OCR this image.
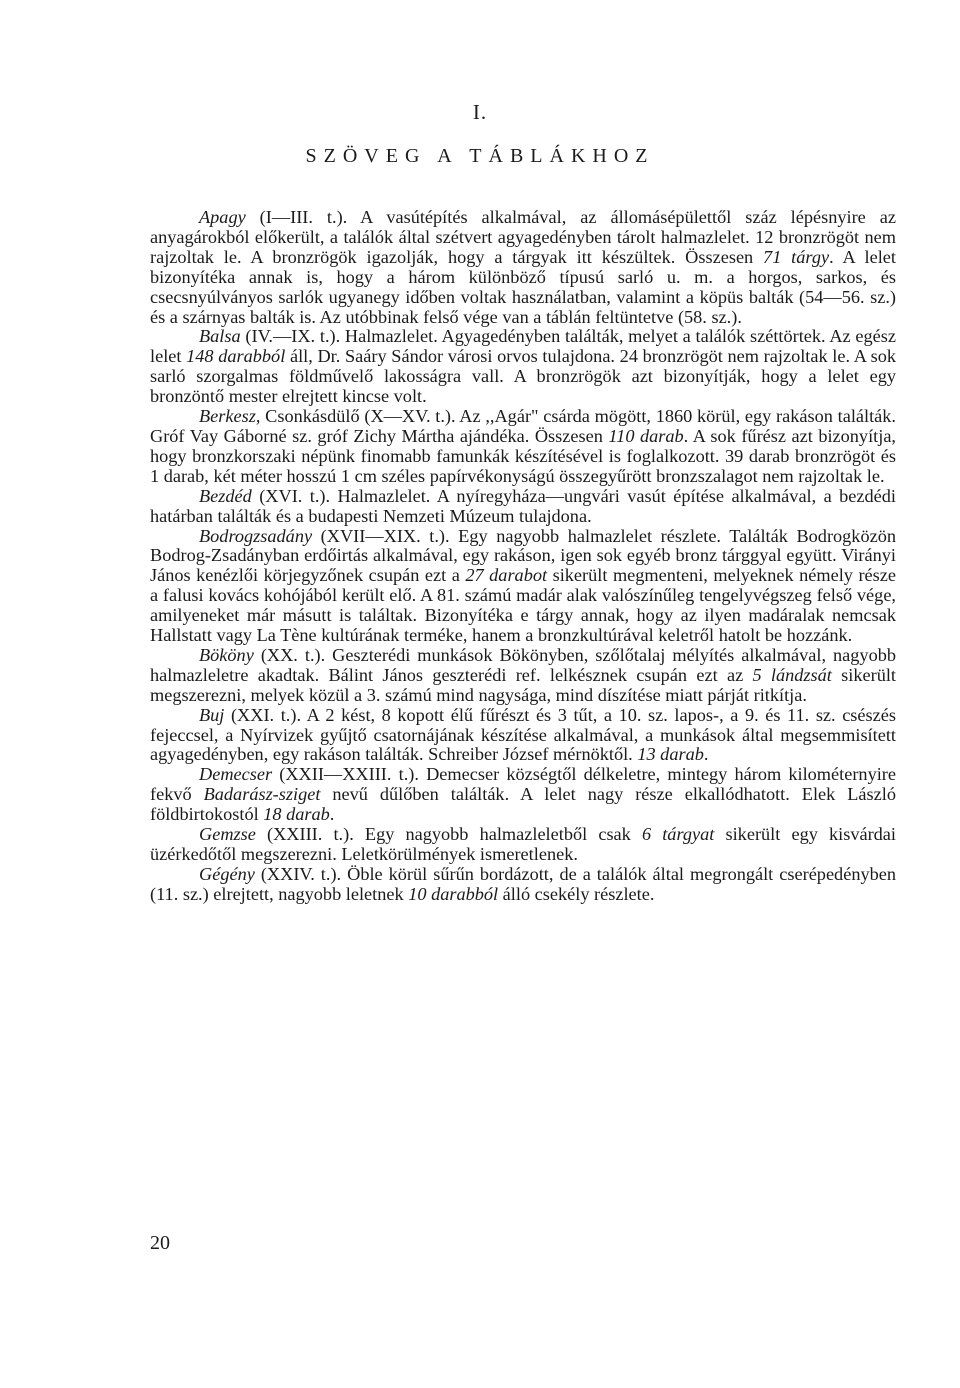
I.
SZÖVEG A TÁBLÁKHOZ

Apagy (I—III. t.). A vasútépítés alkalmával, az állomásépülettől száz lépésnyire az anyagárokból előkerült, a találók által szétvert agyagedényben tárolt halmazlelet. 12 bronzrögöt nem rajzoltak le. A bronzrögök igazolják, hogy a tárgyak itt készültek. Összesen 71 tárgy. A lelet bizonyítéka annak is, hogy a három különböző típusú sarló u. m. a horgos, sarkos, és csecsnyúlványos sarlók ugyanegy időben voltak használatban, valamint a köpüs balták (54—56. sz.) és a szárnyas balták is. Az utóbbinak felső vége van a táblán feltüntetve (58. sz.).

Balsa (IV.—IX. t.). Halmazlelet. Agyagedényben találták, melyet a találók széttörtek. Az egész lelet 148 darabból áll, Dr. Saáry Sándor városi orvos tulajdona. 24 bronzrögöt nem rajzoltak le. A sok sarló szorgalmas földművelő lakosságra vall. A bronzrögök azt bizonyítják, hogy a lelet egy bronzöntő mester elrejtett kincse volt.

Berkesz, Csonkásdülő (X—XV. t.). Az ,,Agár" csárda mögött, 1860 körül, egy rakáson találták. Gróf Vay Gáborné sz. gróf Zichy Mártha ajándéka. Összesen 110 darab. A sok fűrész azt bizonyítja, hogy bronzkorszaki népünk finomabb famunkák készítésével is foglalkozott. 39 darab bronzrögöt és 1 darab, két méter hosszú 1 cm széles papírvékonyságú összegyűrött bronzszalagot nem rajzoltak le.

Bezdéd (XVI. t.). Halmazlelet. A nyíregyháza—ungvári vasút építése alkalmával, a bezdédi határban találták és a budapesti Nemzeti Múzeum tulajdona.

Bodrogzsadány (XVII—XIX. t.). Egy nagyobb halmazlelet részlete. Találták Bodrogközön Bodrog-Zsadányban erdőirtás alkalmával, egy rakáson, igen sok egyéb bronz tárggyal együtt. Virányi János kenézlői körjegyzőnek csupán ezt a 27 darabot sikerült megmenteni, melyeknek némely része a falusi kovács kohójából került elő. A 81. számú madár alak valószínűleg tengelyvégszeg felső vége, amilyeneket már másutt is találtak. Bizonyítéka e tárgy annak, hogy az ilyen madáralak nemcsak Hallstatt vagy La Tène kultúrának terméke, hanem a bronzkultúrával keletről hatolt be hozzánk.

Bököny (XX. t.). Geszterédi munkások Bökönyben, szőlőtalaj mélyítés alkalmával, nagyobb halmazleletre akadtak. Bálint János geszterédi ref. lelkésznek csupán ezt az 5 lándzsát sikerült megszerezni, melyek közül a 3. számú mind nagysága, mind díszítése miatt párját ritkítja.

Buj (XXI. t.). A 2 kést, 8 kopott élű fűrészt és 3 tűt, a 10. sz. lapos-, a 9. és 11. sz. csészés fejeccsel, a Nyírvizek gyűjtő csatornájának készítése alkalmával, a munkások által megsemmisített agyagedényben, egy rakáson találták. Schreiber József mérnöktől. 13 darab.

Demecser (XXII—XXIII. t.). Demecser községtől délkeletre, mintegy három kilométernyire fekvő Badarász-sziget nevű dűlőben találták. A lelet nagy része elkallódhatott. Elek László földbirtokostól 18 darab.

Gemzse (XXIII. t.). Egy nagyobb halmazleletből csak 6 tárgyat sikerült egy kisvárdai üzérkedőtől megszerezni. Leletkörülmények ismeretlenek.

Gégény (XXIV. t.). Öble körül sűrűn bordázott, de a találók által megrongált cserépedényben (11. sz.) elrejtett, nagyobb leletnek 10 darabból álló csekély részlete.

20
